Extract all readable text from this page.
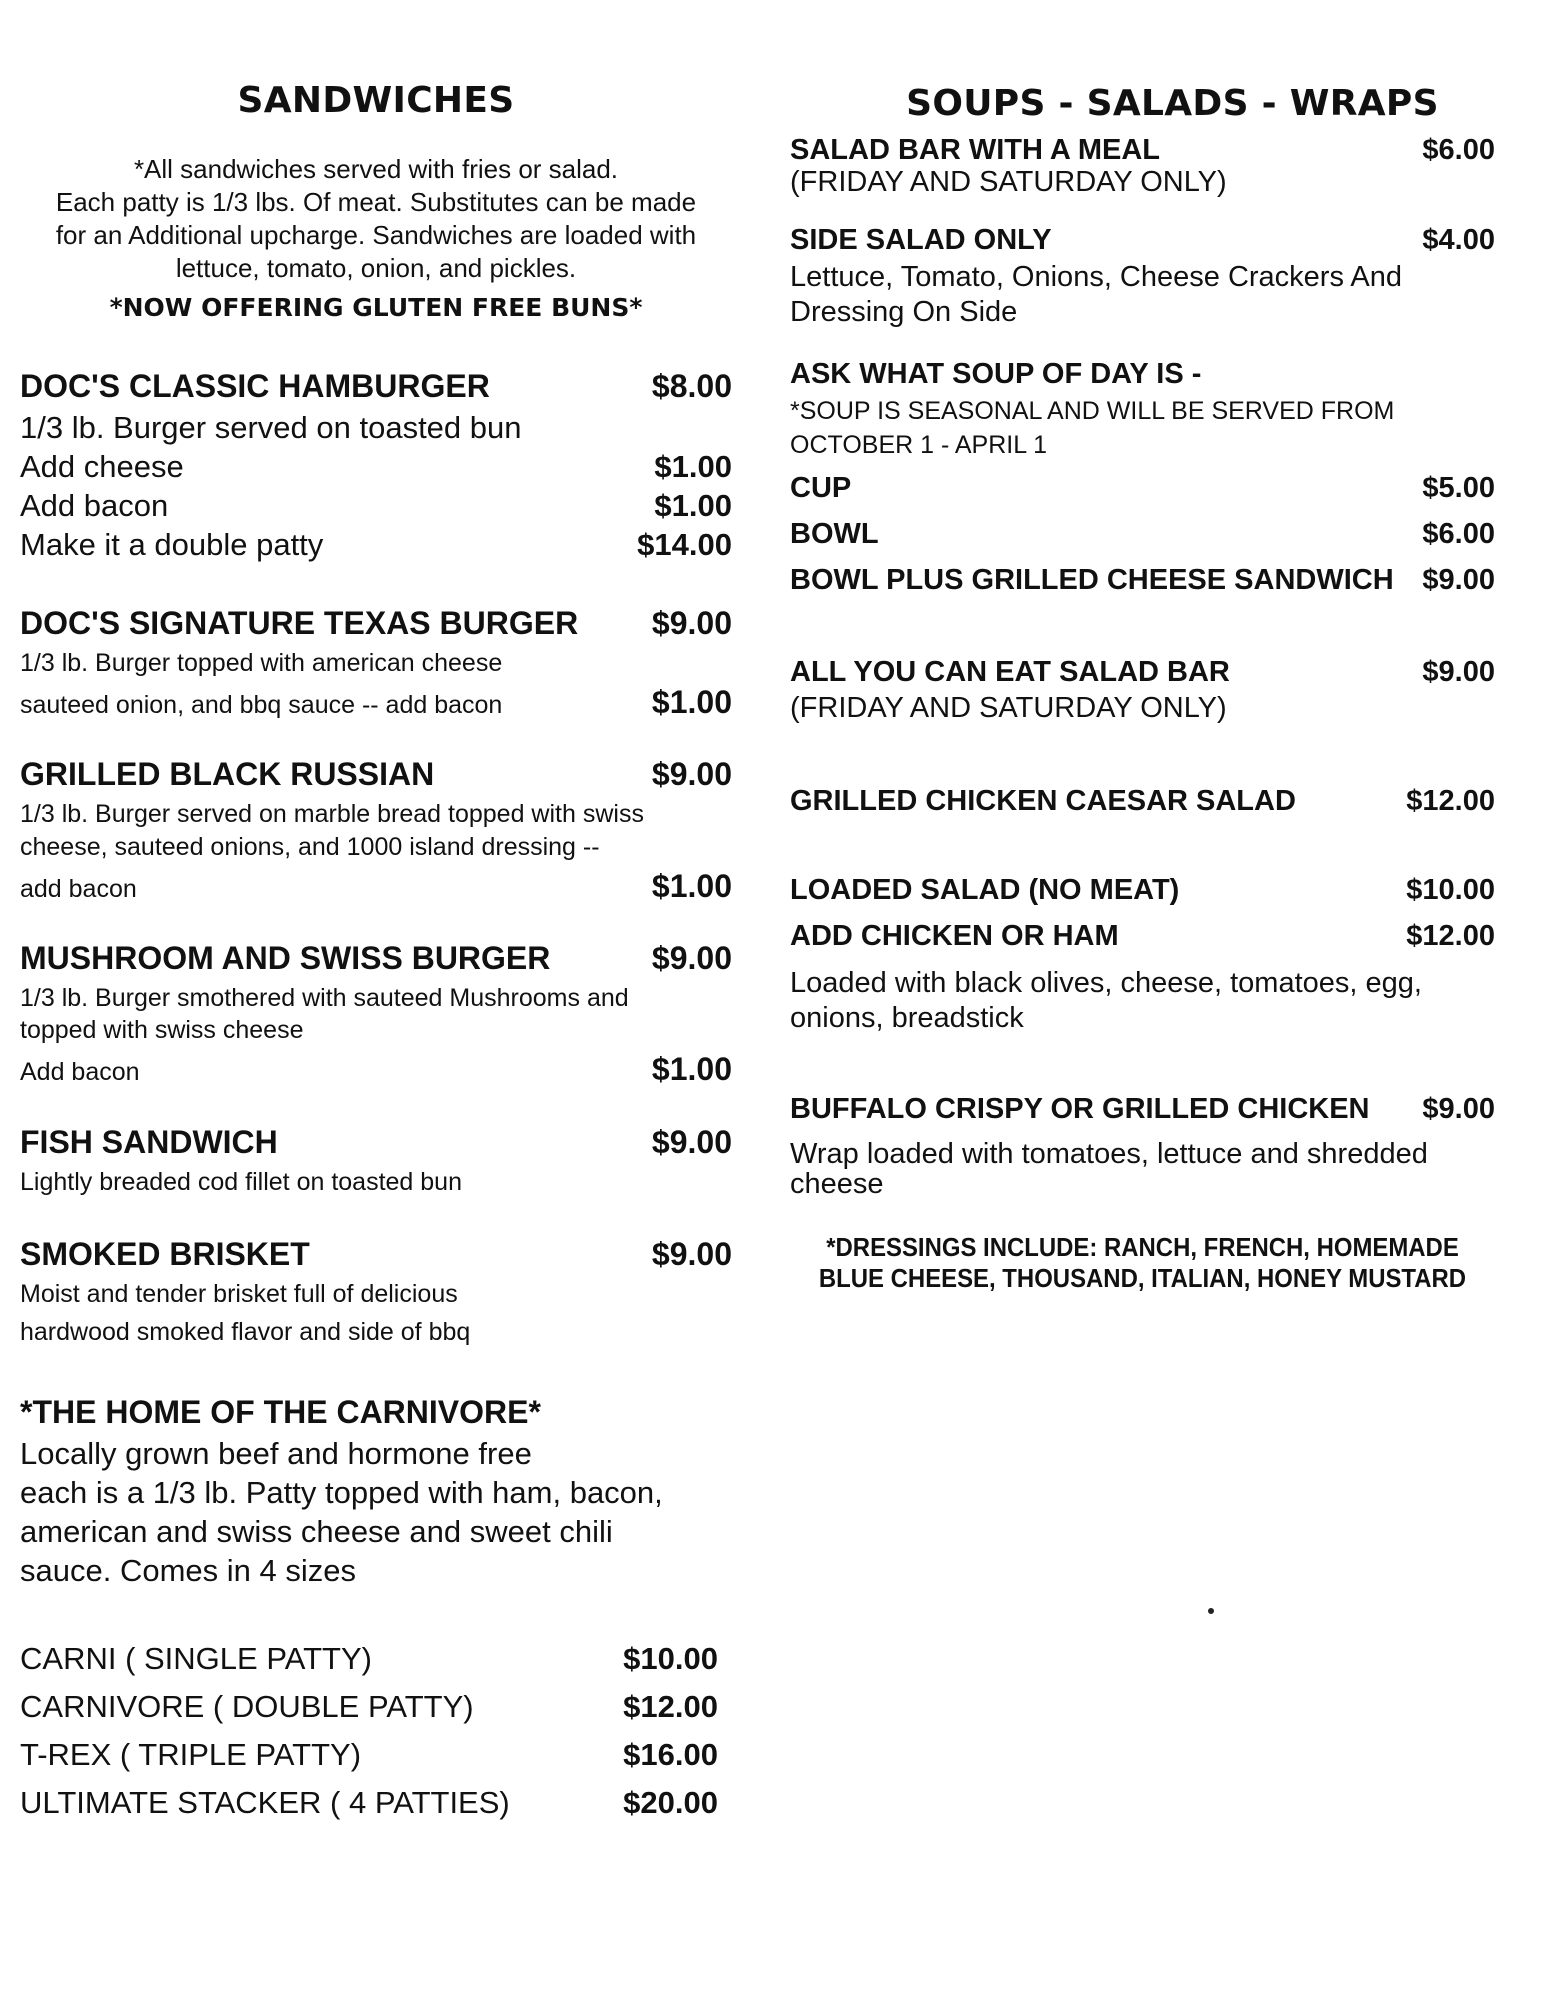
SANDWICHES
*All sandwiches served with fries or salad.
Each patty is 1/3 lbs. Of meat. Substitutes can be made
for an Additional upcharge. Sandwiches are loaded with
lettuce, tomato, onion, and pickles.
*NOW OFFERING GLUTEN FREE BUNS*
DOC'S CLASSIC HAMBURGER	$8.00
1/3 lb. Burger served on toasted bun
Add cheese	$1.00
Add bacon	$1.00
Make it a double patty	$14.00
DOC'S SIGNATURE TEXAS BURGER $9.00
1/3 lb. Burger topped with american cheese
sauteed onion, and bbq sauce -- add bacon	$1.00
GRILLED BLACK RUSSIAN	$9.00
1/3 lb. Burger served on marble bread topped with swiss
cheese, sauteed onions, and 1000 island dressing --
add bacon	$1.00
MUSHROOM AND SWISS BURGER	$9.00
1/3 lb. Burger smothered with sauteed Mushrooms and
topped with swiss cheese
Add bacon	$1.00
FISH SANDWICH	$9.00
Lightly breaded cod fillet on toasted bun
SMOKED BRISKET	$9.00
Moist and tender brisket full of delicious
hardwood smoked flavor and side of bbq
*THE HOME OF THE CARNIVORE*
Locally grown beef and hormone free
each is a 1/3 lb. Patty topped with ham, bacon,
american and swiss cheese and sweet chili
sauce. Comes in 4 sizes
CARNI ( SINGLE PATTY)	$10.00
CARNIVORE ( DOUBLE PATTY)	$12.00
T-REX ( TRIPLE PATTY)	$16.00
ULTIMATE STACKER ( 4 PATTIES)	$20.00
SOUPS - SALADS - WRAPS
SALAD BAR WITH A MEAL	$6.00
(FRIDAY AND SATURDAY ONLY)
SIDE SALAD ONLY	$4.00
Lettuce, Tomato, Onions, Cheese Crackers And
Dressing On Side
ASK WHAT SOUP OF DAY IS -
*SOUP IS SEASONAL AND WILL BE SERVED FROM
OCTOBER 1 - APRIL 1
CUP	$5.00
BOWL	$6.00
BOWL PLUS GRILLED CHEESE SANDWICH $9.00
ALL YOU CAN EAT SALAD BAR	$9.00
(FRIDAY AND SATURDAY ONLY)
GRILLED CHICKEN CAESAR SALAD	$12.00
LOADED SALAD (NO MEAT)	$10.00
ADD CHICKEN OR HAM	$12.00
Loaded with black olives, cheese, tomatoes, egg,
onions, breadstick
BUFFALO CRISPY OR GRILLED CHICKEN $9.00
Wrap loaded with tomatoes, lettuce and shredded
cheese
*DRESSINGS INCLUDE: RANCH, FRENCH, HOMEMADE
BLUE CHEESE, THOUSAND, ITALIAN, HONEY MUSTARD
